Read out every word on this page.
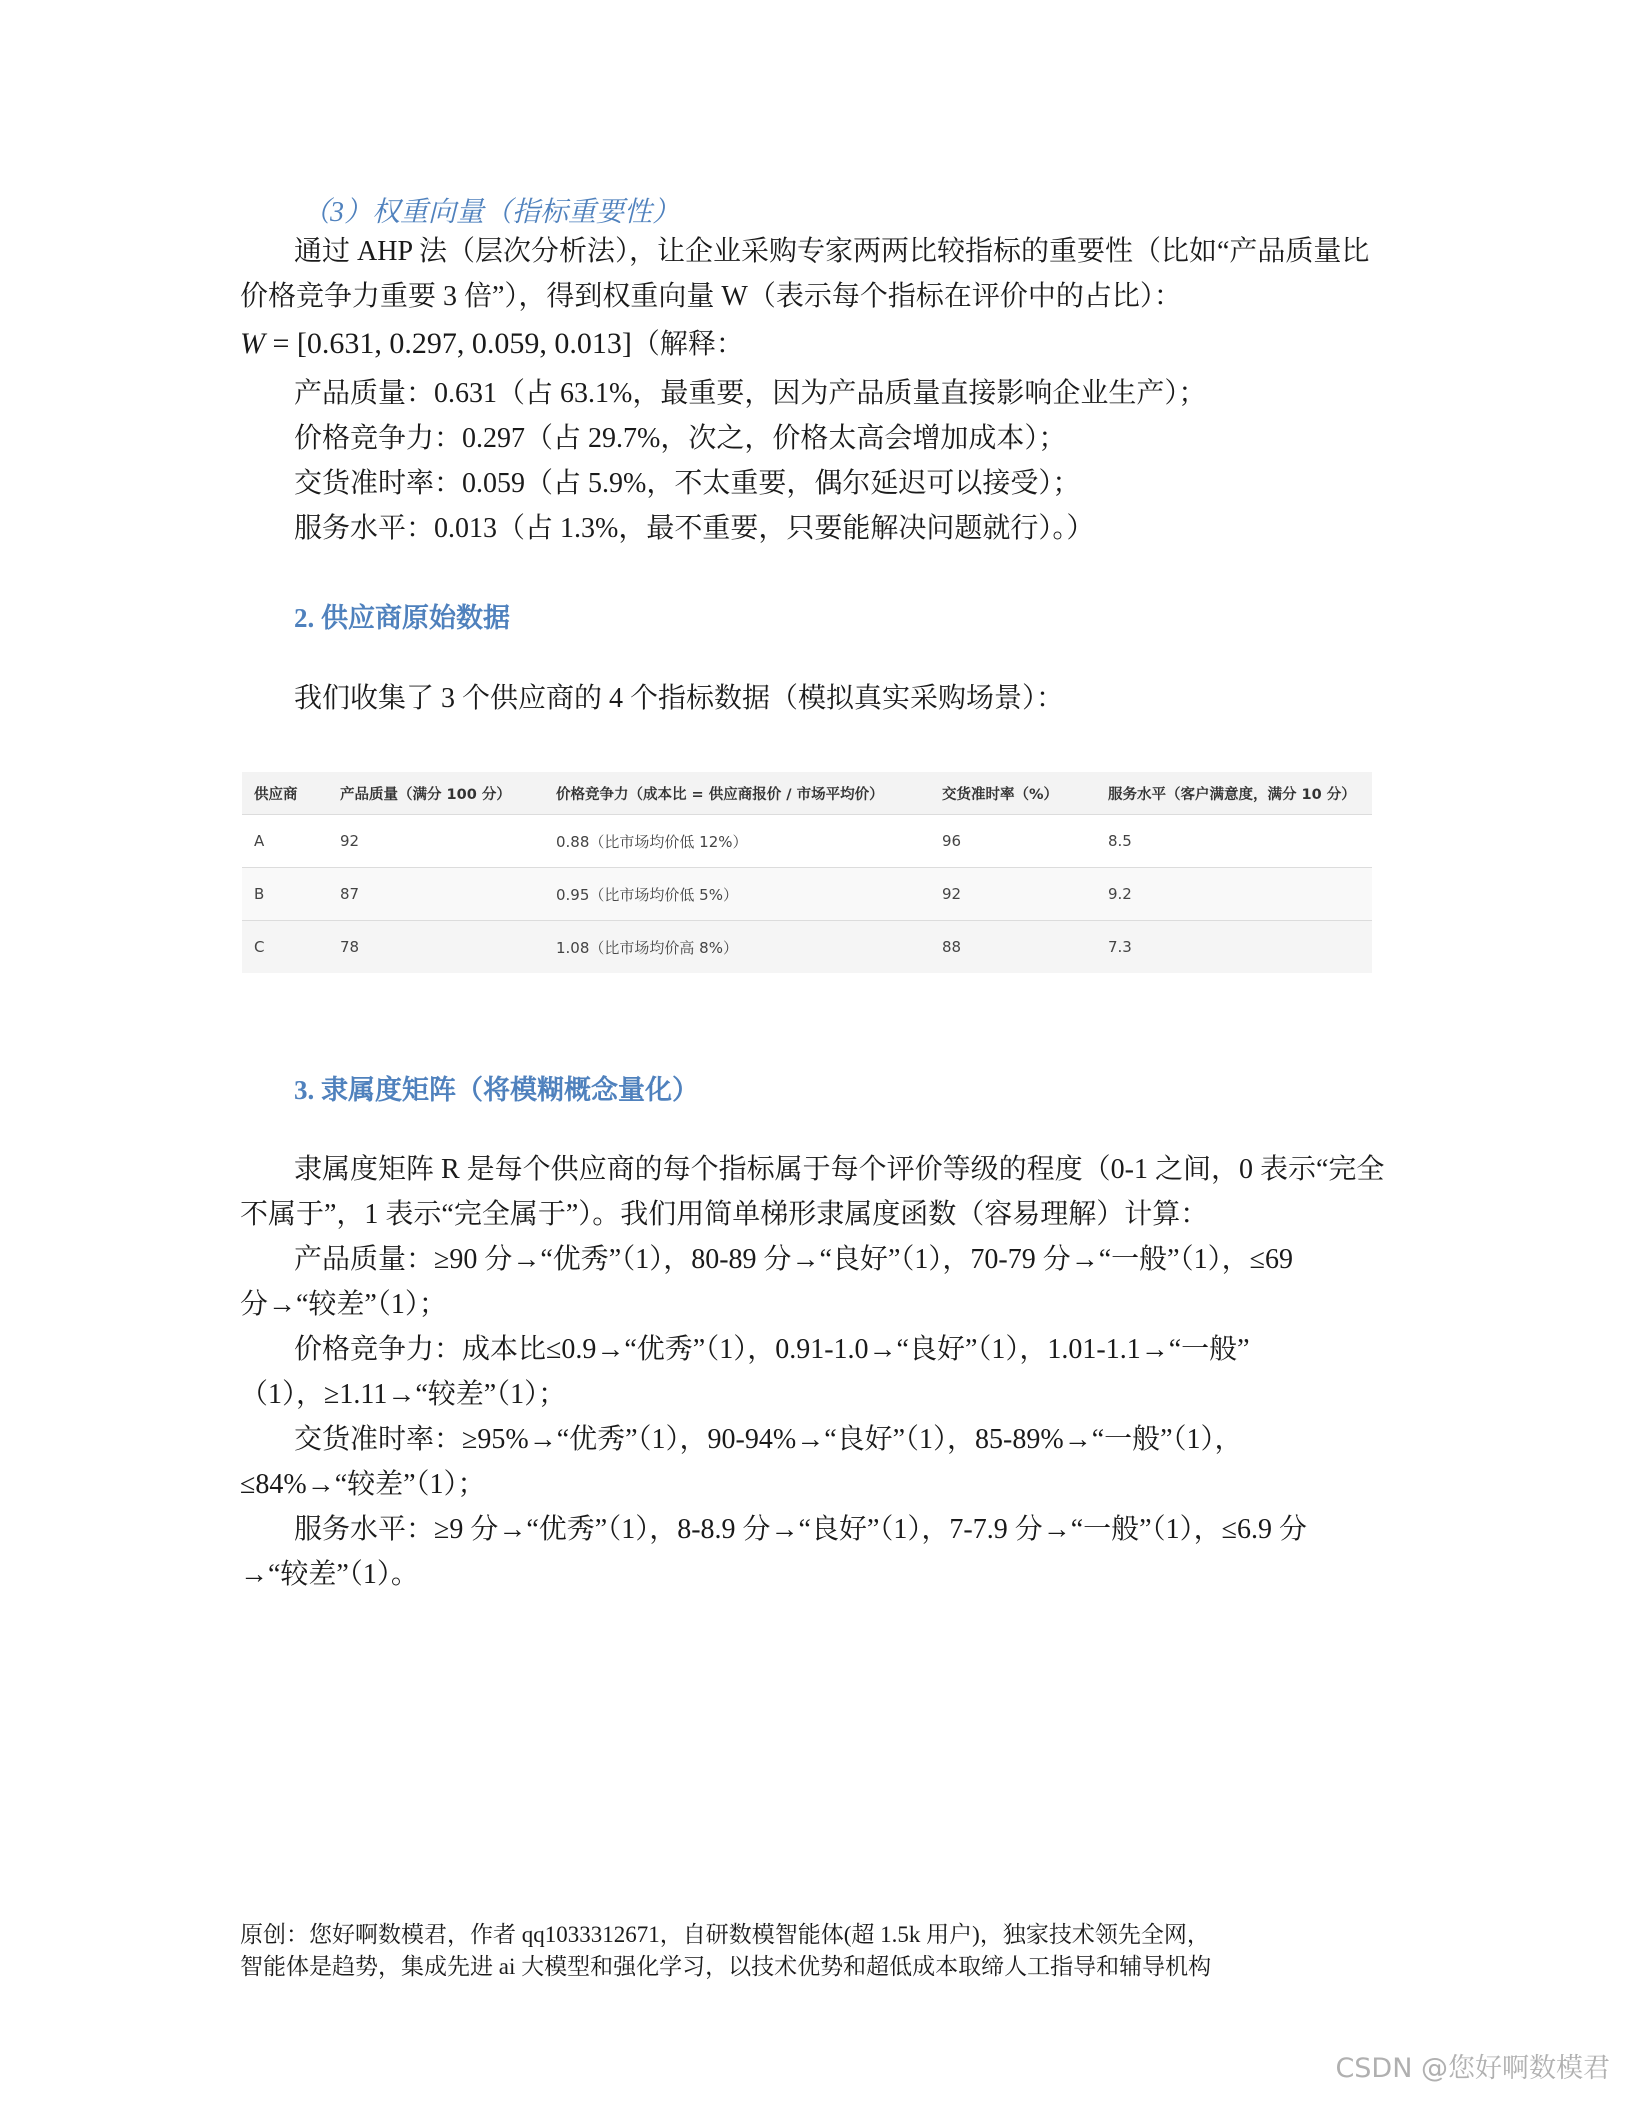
（3）权重向量（指标重要性）
通过 AHP 法（层次分析法），让企业采购专家两两比较指标的重要性（比如“产品质量比
价格竞争力重要 3 倍”），得到权重向量 W（表示每个指标在评价中的占比）：
W = [0.631, 0.297, 0.059, 0.013]（解释：
产品质量：0.631（占 63.1%，最重要，因为产品质量直接影响企业生产）；
价格竞争力：0.297（占 29.7%，次之，价格太高会增加成本）；
交货准时率：0.059（占 5.9%，不太重要，偶尔延迟可以接受）；
服务水平：0.013（占 1.3%，最不重要，只要能解决问题就行）。）
2. 供应商原始数据
我们收集了 3 个供应商的 4 个指标数据（模拟真实采购场景）：
供应商	产品质量（满分 100 分）	价格竞争力（成本比 = 供应商报价 / 市场平均价）	交货准时率（%）	服务水平（客户满意度，满分 10 分）
A	92	0.88（比市场均价低 12%）	96	8.5
B	87	0.95（比市场均价低 5%）	92	9.2
C	78	1.08（比市场均价高 8%）	88	7.3
3. 隶属度矩阵（将模糊概念量化）
隶属度矩阵 R 是每个供应商的每个指标属于每个评价等级的程度（0-1 之间，0 表示“完全
不属于”，1 表示“完全属于”）。我们用简单梯形隶属度函数（容易理解）计算：
产品质量：≥90 分→“优秀”（1），80-89 分→“良好”（1），70-79 分→“一般”（1），≤69
分→“较差”（1）；
价格竞争力：成本比≤0.9→“优秀”（1），0.91-1.0→“良好”（1），1.01-1.1→“一般”
（1），≥1.11→“较差”（1）；
交货准时率：≥95%→“优秀”（1），90-94%→“良好”（1），85-89%→“一般”（1），
≤84%→“较差”（1）；
服务水平：≥9 分→“优秀”（1），8-8.9 分→“良好”（1），7-7.9 分→“一般”（1），≤6.9 分
→“较差”（1）。
原创：您好啊数模君，作者 qq1033312671，自研数模智能体(超 1.5k 用户)，独家技术领先全网，
智能体是趋势，集成先进 ai 大模型和强化学习，以技术优势和超低成本取缔人工指导和辅导机构
CSDN @您好啊数模君
